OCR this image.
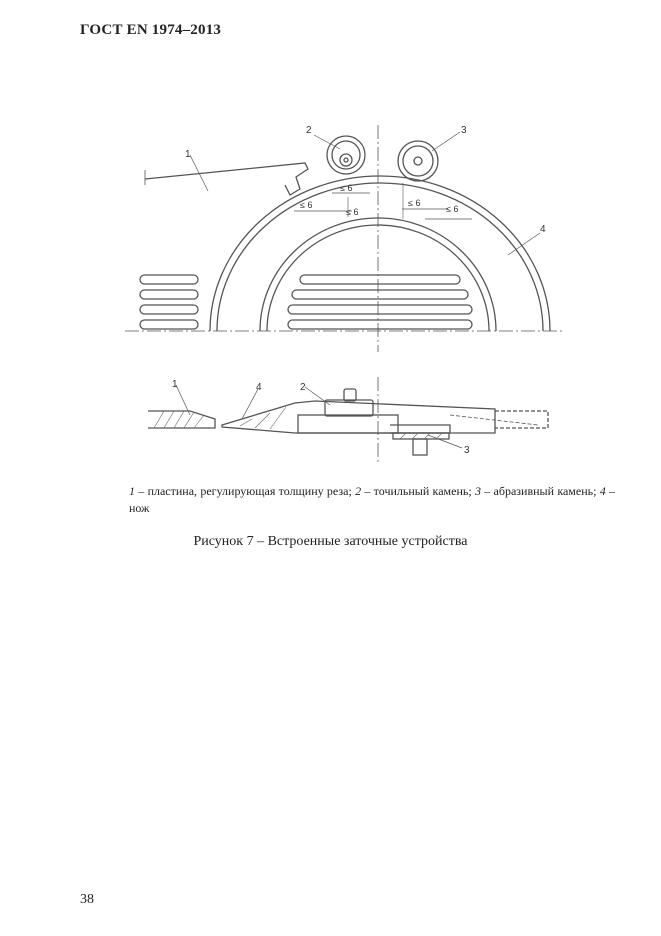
ГОСТ EN 1974–2013
1
2	3
4
≤ 6
≤ 6	≤ 6
≤ 6
≤ 6
1	2
3
4
1 – пластина, регулирующая толщину реза; 2 – точильный камень; 3 – абразивный камень; 4 – нож
Рисунок 7 – Встроенные заточные устройства
38
